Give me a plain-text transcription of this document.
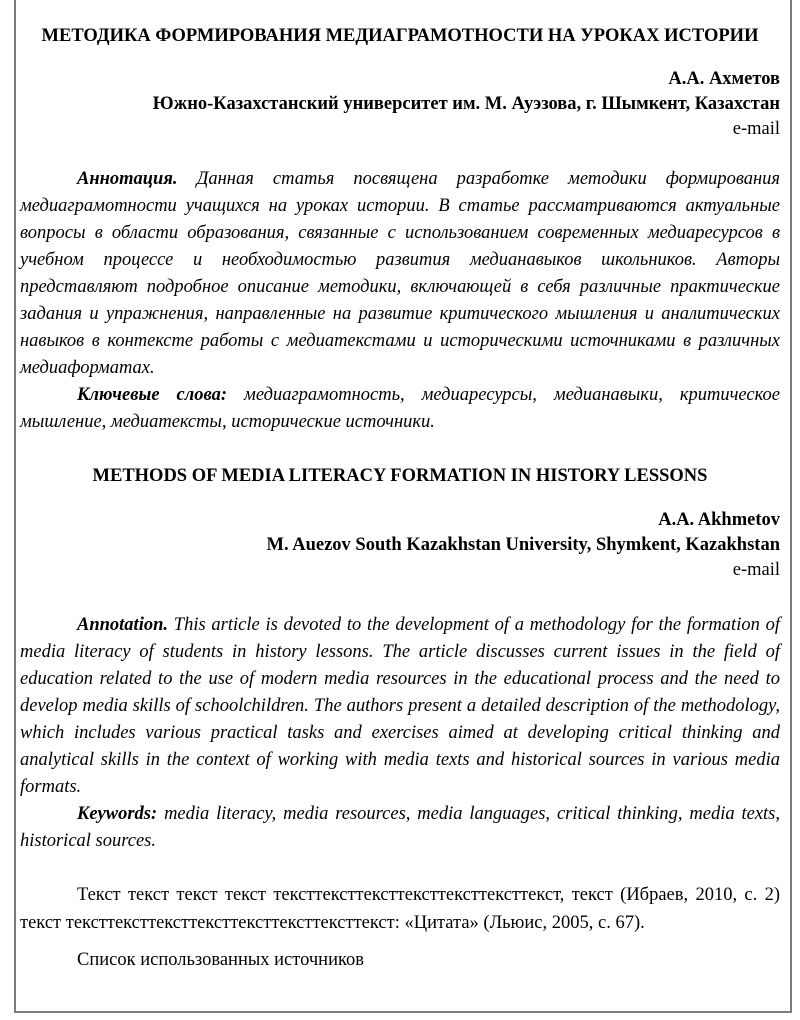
МЕТОДИКА ФОРМИРОВАНИЯ МЕДИАГРАМОТНОСТИ НА УРОКАХ ИСТОРИИ
А.А. Ахметов
Южно-Казахстанский университет им. М. Ауэзова, г. Шымкент, Казахстан
e-mail

Аннотация. Данная статья посвящена разработке методики формирования медиаграмотности учащихся на уроках истории. В статье рассматриваются актуальные вопросы в области образования, связанные с использованием современных медиаресурсов в учебном процессе и необходимостью развития медианавыков школьников. Авторы представляют подробное описание методики, включающей в себя различные практические задания и упражнения, направленные на развитие критического мышления и аналитических навыков в контексте работы с медиатекстами и историческими источниками в различных медиаформатах.

Ключевые слова: медиаграмотность, медиаресурсы, медианавыки, критическое мышление, медиатексты, исторические источники.

METHODS OF MEDIA LITERACY FORMATION IN HISTORY LESSONS
A.A. Akhmetov
M. Auezov South Kazakhstan University, Shymkent, Kazakhstan
e-mail

Annotation. This article is devoted to the development of a methodology for the formation of media literacy of students in history lessons. The article discusses current issues in the field of education related to the use of modern media resources in the educational process and the need to develop media skills of schoolchildren. The authors present a detailed description of the methodology, which includes various practical tasks and exercises aimed at developing critical thinking and analytical skills in the context of working with media texts and historical sources in various media formats.

Keywords: media literacy, media resources, media languages, critical thinking, media texts, historical sources.

Текст текст текст текст тексттексттексттексттексттексттекст, текст (Ибраев, 2010, с. 2) текст тексттексттексттексттексттексттексттекст: «Цитата» (Льюис, 2005, с. 67).

Список использованных источников
